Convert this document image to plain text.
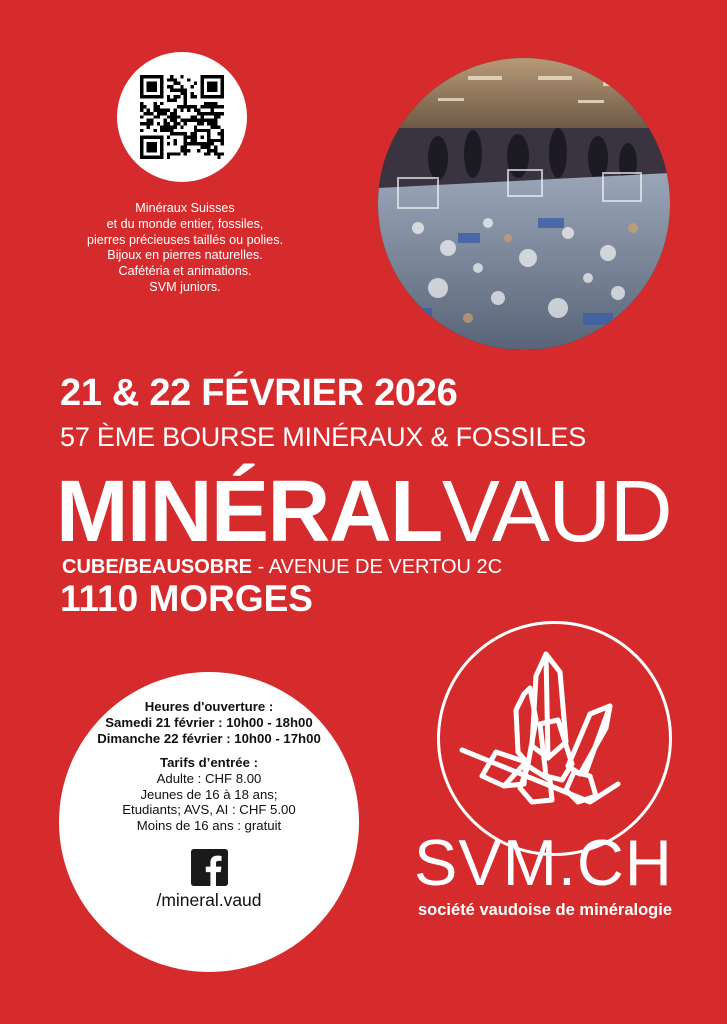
Minéraux Suisses
et du monde entier, fossiles,
pierres précieuses taillés ou polies.
Bijoux en pierres naturelles.
Cafétéria et animations.
SVM juniors.
21 & 22 FÉVRIER 2026
57 ÈME BOURSE MINÉRAUX & FOSSILES
MINÉRALVAUD
CUBE/BEAUSOBRE - AVENUE DE VERTOU 2C
1110 MORGES
Heures d'ouverture :
Samedi 21 février : 10h00 - 18h00
Dimanche 22 février : 10h00 - 17h00
Tarifs d’entrée :
Adulte : CHF 8.00
Jeunes de 16 à 18 ans;
Etudiants; AVS, AI : CHF 5.00
Moins de 16 ans : gratuit
/mineral.vaud
SVM.CH
société vaudoise de minéralogie
